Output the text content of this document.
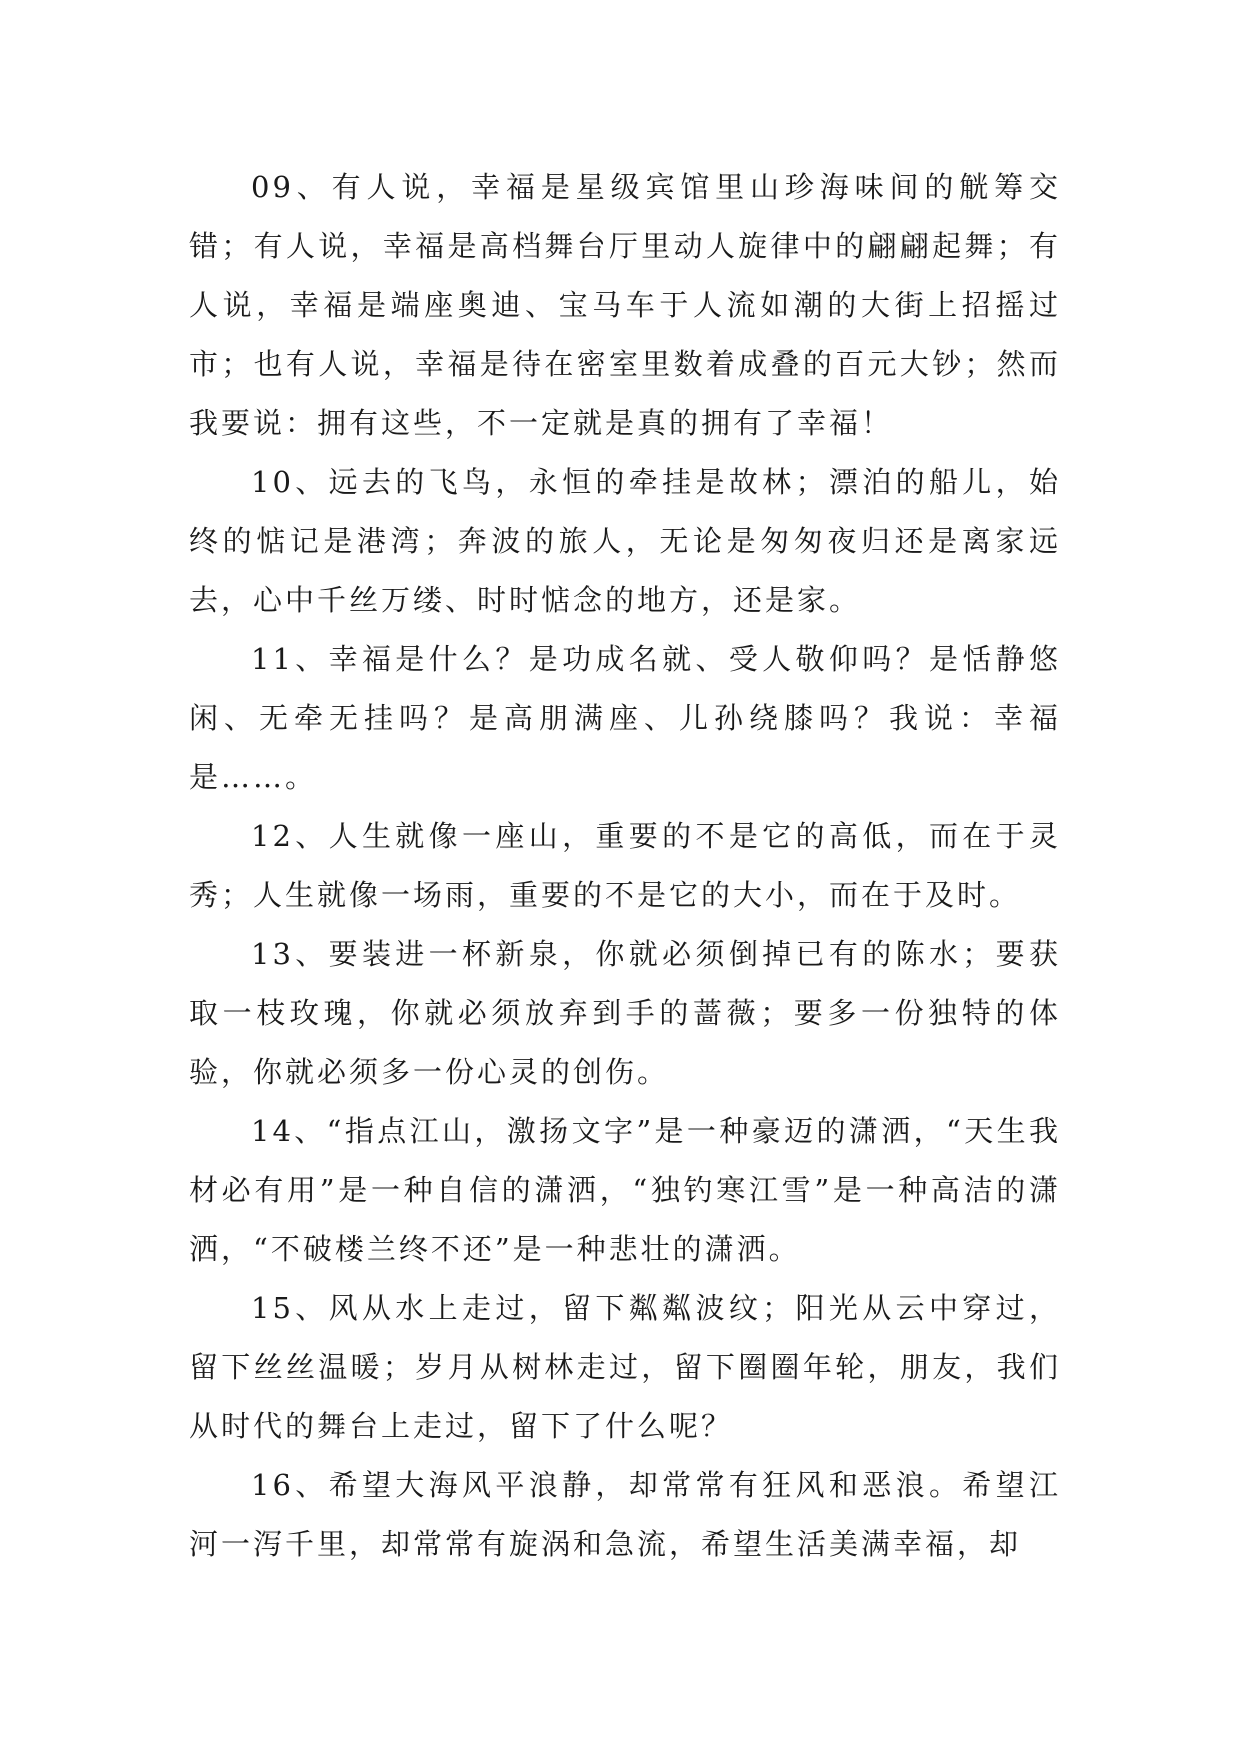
09、有人说，幸福是星级宾馆里山珍海味间的觥筹交错；有人说，幸福是高档舞台厅里动人旋律中的翩翩起舞；有人说，幸福是端座奥迪、宝马车于人流如潮的大街上招摇过市；也有人说，幸福是待在密室里数着成叠的百元大钞；然而我要说：拥有这些，不一定就是真的拥有了幸福！

10、远去的飞鸟，永恒的牵挂是故林；漂泊的船儿，始终的惦记是港湾；奔波的旅人，无论是匆匆夜归还是离家远去，心中千丝万缕、时时惦念的地方，还是家。

11、幸福是什么？是功成名就、受人敬仰吗？是恬静悠闲、无牵无挂吗？是高朋满座、儿孙绕膝吗？我说：幸福是……。

12、人生就像一座山，重要的不是它的高低，而在于灵秀；人生就像一场雨，重要的不是它的大小，而在于及时。

13、要装进一杯新泉，你就必须倒掉已有的陈水；要获取一枝玫瑰，你就必须放弃到手的蔷薇；要多一份独特的体验，你就必须多一份心灵的创伤。

14、“指点江山，激扬文字”是一种豪迈的潇洒，“天生我材必有用”是一种自信的潇洒，“独钓寒江雪”是一种高洁的潇洒，“不破楼兰终不还”是一种悲壮的潇洒。

15、风从水上走过，留下粼粼波纹；阳光从云中穿过，留下丝丝温暖；岁月从树林走过，留下圈圈年轮，朋友，我们从时代的舞台上走过，留下了什么呢？

16、希望大海风平浪静，却常常有狂风和恶浪。希望江河一泻千里，却常常有旋涡和急流，希望生活美满幸福，却
